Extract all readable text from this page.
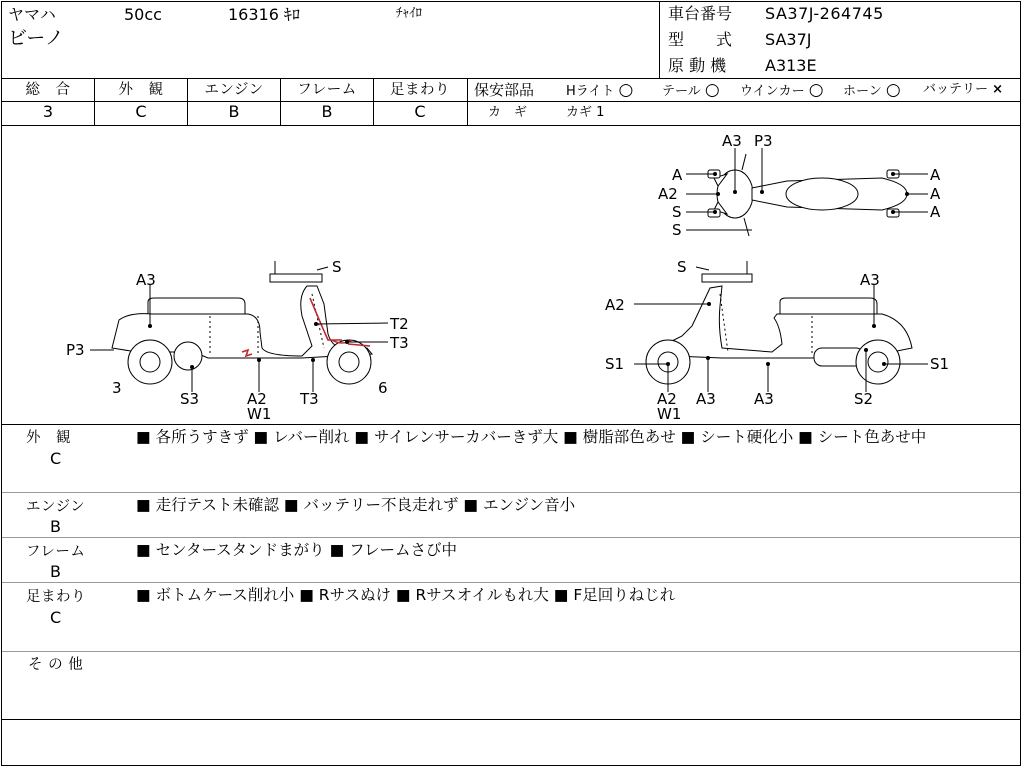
ヤマハ	50cc	16316 ｷﾛ	ﾁｬｲﾛ
ビーノ
車台番号 SA37J-264745
型　　式 SA37J
原 動 機 A313E
総　合
3
外　観
C
エンジン
B
フレーム
B
足まわり
C
保安部品 Hライト ○ テール ○ ウインカー ○ ホーン ○ バッテリー ×
カ　ギ	カギ 1
A3 P3
A
A2
S
S
A
A
A
S
A3
T2
T3
P3
3
S3	A2
W1
T3
6
S
A3
A2
S1	S1
A2
W1
A3	A3	S2
外　観
C
■ 各所うすきず ■ レバー削れ ■ サイレンサーカバーきず大 ■ 樹脂部色あせ ■ シート硬化小 ■ シート色あせ中
エンジン
B
■ 走行テスト未確認 ■ バッテリー不良走れず ■ エンジン音小
フレーム
B
■ センタースタンドまがり ■ フレームさび中
足まわり
C
■ ボトムケース削れ小 ■ Rサスぬけ ■ Rサスオイルもれ大 ■ F足回りねじれ
そ の 他
